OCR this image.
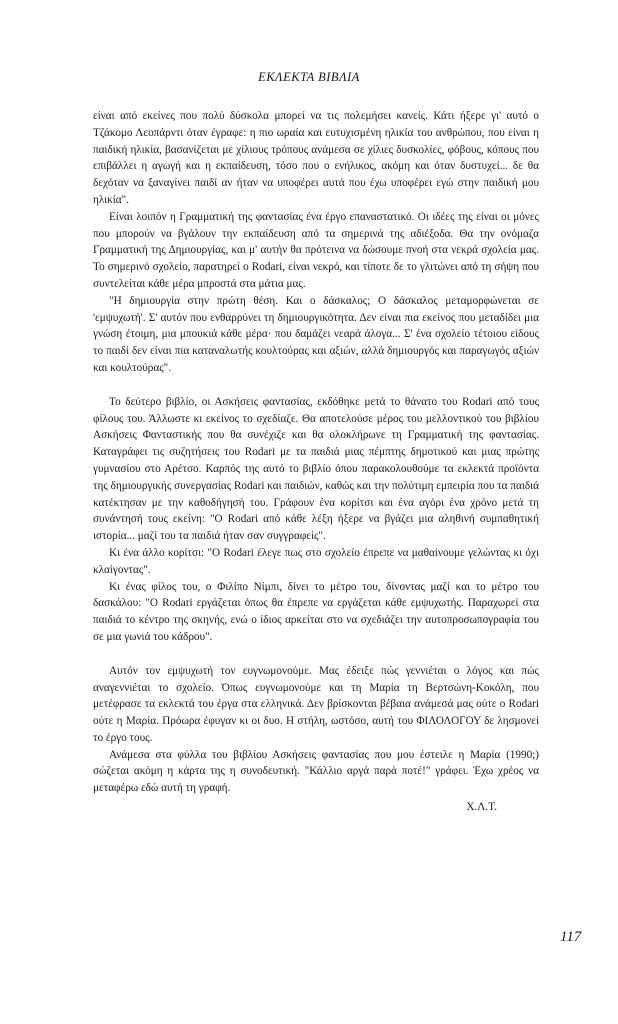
ΕΚΛΕΚΤΑ ΒΙΒΛΙΑ

είναι από εκείνες που πολύ δύσκολα μπορεί να τις πολεμήσει κανείς. Κάτι ήξερε γι' αυτό ο Τζάκομο Λεοπάρντι όταν έγραφε: η πιο ωραία και ευτυχισμένη ηλικία του ανθρώπου, που είναι η παιδική ηλικία, βασανίζεται με χίλιους τρόπους ανάμεσα σε χίλιες δυσκολίες, φόβους, κόπους που επιβάλλει η αγωγή και η εκπαίδευση, τόσο που ο ενήλικος, ακόμη και όταν δυστυχεί... δε θα δεχόταν να ξαναγίνει παιδί αν ήταν να υποφέρει αυτά που έχω υποφέρει εγώ στην παιδική μου ηλικία".

Είναι λοιπόν η Γραμματική της φαντασίας ένα έργο επαναστατικό. Οι ιδέες της είναι οι μόνες που μπορούν να βγάλουν την εκπαίδευση από τα σημερινά της αδιέξοδα. Θα την ονόμαζα Γραμματική της Δημιουργίας, και μ' αυτήν θα πρότεινα να δώσουμε πνοή στα νεκρά σχολεία μας. Το σημερινό σχολείο, παρατηρεί ο Rodari, είναι νεκρό, και τίποτε δε το γλιτώνει από τη σήψη που συντελείται κάθε μέρα μπροστά στα μάτια μας.

"Η δημιουργία στην πρώτη θέση. Και ο δάσκαλος; Ο δάσκαλος μεταμορφώνεται σε 'εμψυχωτή'. Σ' αυτόν που ενθαρρύνει τη δημιουργικότητα. Δεν είναι πια εκείνος που μεταδίδει μια γνώση έτοιμη, μια μπουκιά κάθε μέρα· που δαμάζει νεαρά άλογα... Σ' ένα σχολείο τέτοιου είδους το παιδί δεν είναι πια καταναλωτής κουλτούρας και αξιών, αλλά δημιουργός και παραγωγός αξιών και κουλτούρας".

Το δεύτερο βιβλίο, οι Ασκήσεις φαντασίας, εκδόθηκε μετά το θάνατο του Rodari από τους φίλους του. Άλλωστε κι εκείνος το σχεδίαζε. Θα αποτελούσε μέρος του μελλοντικού του βιβλίου Ασκήσεις Φανταστικής που θα συνέχιζε και θα ολοκλήρωνε τη Γραμματική της φαντασίας. Καταγράφει τις συζητήσεις του Rodari με τα παιδιά μιας πέμπτης δημοτικού και μιας πρώτης γυμνασίου στο Αρέτσο. Καρπός της αυτό το βιβλίο όπου παρακολουθούμε τα εκλεκτά προϊόντα της δημιουργικής συνεργασίας Rodari και παιδιών, καθώς και την πολύτιμη εμπειρία που τα παιδιά κατέκτησαν με την καθοδήγησή του. Γράφουν ένα κορίτσι και ένα αγόρι ένα χρόνο μετά τη συνάντησή τους εκείνη: "Ο Rodari από κάθε λέξη ήξερε να βγάζει μια αληθινή συμπαθητική ιστορία... μαζί του τα παιδιά ήταν σαν συγγραφείς".

Κι ένα άλλο κορίτσι: "Ο Rodari έλεγε πως στο σχολείο έπρεπε να μαθαίνουμε γελώντας κι όχι κλαίγοντας".

Κι ένας φίλος του, ο Φιλίπο Νίμπι, δίνει το μέτρο του, δίνοντας μαζί και το μέτρο του δασκάλου: "Ο Rodari εργάζεται όπως θα έπρεπε να εργάζεται κάθε εμψυχωτής. Παραχωρεί στα παιδιά το κέντρο της σκηνής, ενώ ο ίδιος αρκείται στο να σχεδιάζει την αυτοπροσωπογραφία του σε μια γωνιά του κάδρου".

Αυτόν τον εμψυχωτή τον ευγνωμονούμε. Μας έδειξε πώς γεννιέται ο λόγος και πώς αναγεννιέται το σχολείο. Όπως ευγνωμονούμε και τη Μαρία τη Βερτσώνη-Κοκόλη, που μετέφρασε τα εκλεκτά του έργα στα ελληνικά. Δεν βρίσκονται βέβαια ανάμεσά μας ούτε ο Rodari ούτε η Μαρία. Πρόωρα έφυγαν κι οι δυο. Η στήλη, ωστόσο, αυτή του ΦΙΛΟΛΟΓΟΥ δε λησμονεί το έργο τους.

Ανάμεσα στα φύλλα του βιβλίου Ασκήσεις φαντασίας που μου έστειλε η Μαρία (1990;) σώζεται ακόμη η κάρτα της η συνοδευτική. "Κάλλιο αργά παρά ποτέ!" γράφει. Έχω χρέος να μεταφέρω εδώ αυτή τη γραφή.

Χ.Λ.Τ.
117
